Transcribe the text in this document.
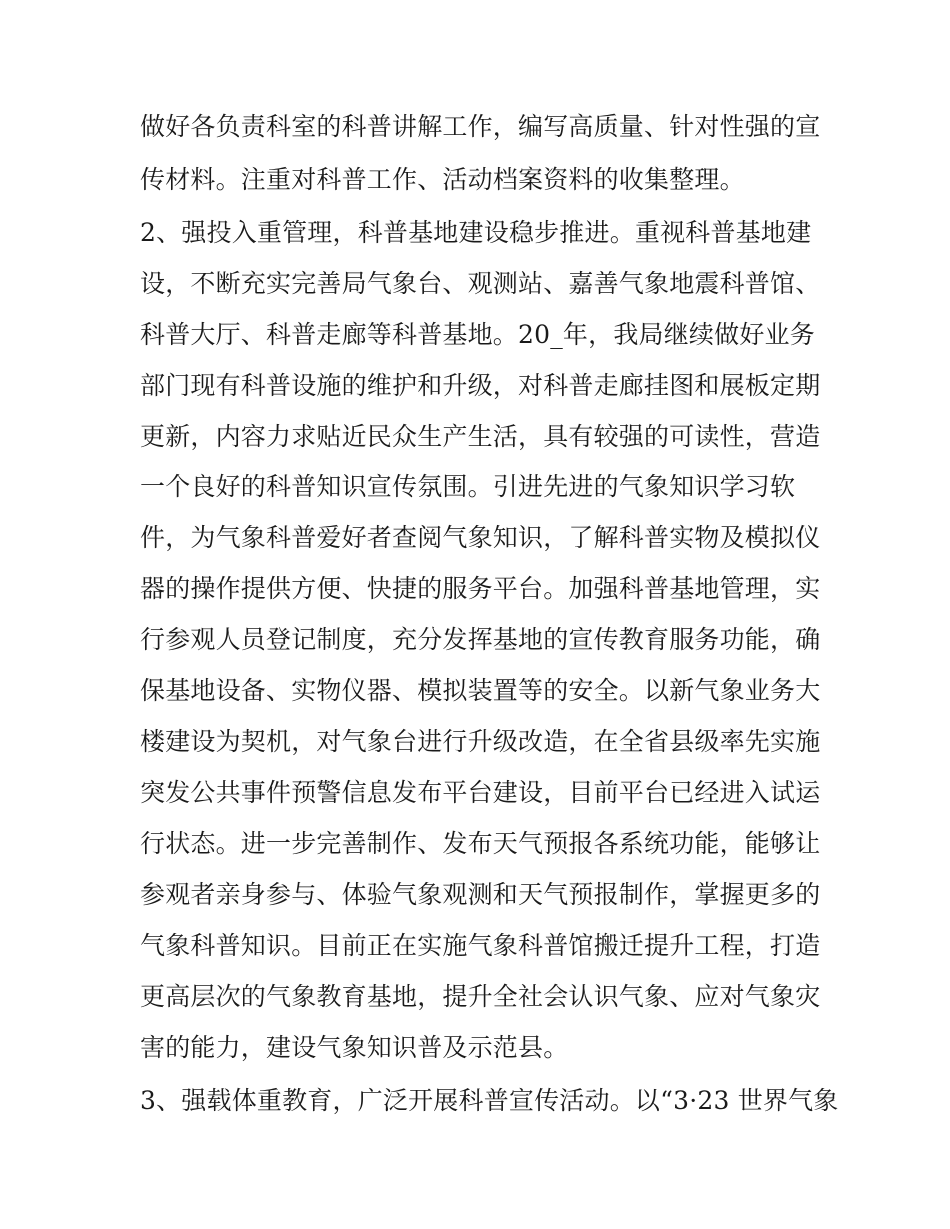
做好各负责科室的科普讲解工作，编写高质量、针对性强的宣
传材料。注重对科普工作、活动档案资料的收集整理。
2、强投入重管理，科普基地建设稳步推进。重视科普基地建
设，不断充实完善局气象台、观测站、嘉善气象地震科普馆、
科普大厅、科普走廊等科普基地。20_年，我局继续做好业务
部门现有科普设施的维护和升级，对科普走廊挂图和展板定期
更新，内容力求贴近民众生产生活，具有较强的可读性，营造
一个良好的科普知识宣传氛围。引进先进的气象知识学习软
件，为气象科普爱好者查阅气象知识，了解科普实物及模拟仪
器的操作提供方便、快捷的服务平台。加强科普基地管理，实
行参观人员登记制度，充分发挥基地的宣传教育服务功能，确
保基地设备、实物仪器、模拟装置等的安全。以新气象业务大
楼建设为契机，对气象台进行升级改造，在全省县级率先实施
突发公共事件预警信息发布平台建设，目前平台已经进入试运
行状态。进一步完善制作、发布天气预报各系统功能，能够让
参观者亲身参与、体验气象观测和天气预报制作，掌握更多的
气象科普知识。目前正在实施气象科普馆搬迁提升工程，打造
更高层次的气象教育基地，提升全社会认识气象、应对气象灾
害的能力，建设气象知识普及示范县。
3、强载体重教育，广泛开展科普宣传活动。以“3·23 世界气象
